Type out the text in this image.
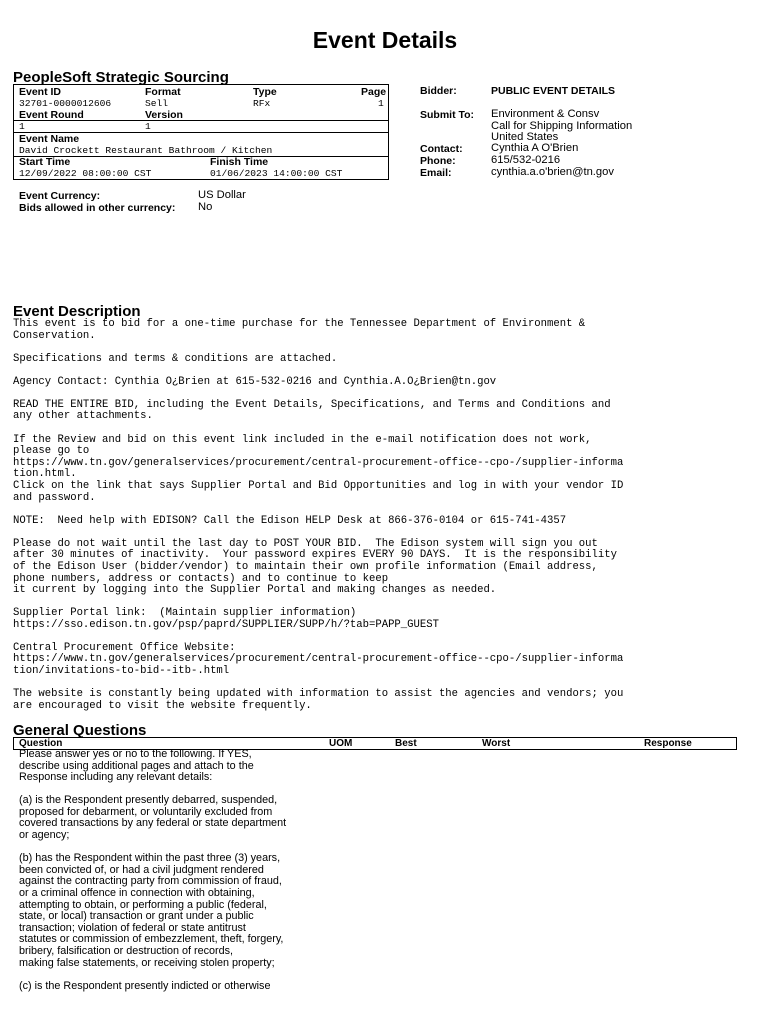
Event Details
PeopleSoft Strategic Sourcing
Event ID	Format	Type	Page
32701-0000012606	Sell	RFx	1
Event Round	Version
1	1
Event Name
David Crockett Restaurant Bathroom / Kitchen
Start Time	Finish Time
12/09/2022 08:00:00 CST	01/06/2023 14:00:00 CST
Event Currency:	US Dollar
Bids allowed in other currency: No
Bidder:	PUBLIC EVENT DETAILS
Submit To: Environment & Consv
Call for Shipping Information
United States
Contact:	Cynthia A O'Brien
Phone:	615/532-0216
Email:	cynthia.a.o'brien@tn.gov
Event Description

This event is to bid for a one-time purchase for the Tennessee Department of Environment &
Conservation.

Specifications and terms & conditions are attached.

Agency Contact: Cynthia O¿Brien at 615-532-0216 and Cynthia.A.O¿Brien@tn.gov

READ THE ENTIRE BID, including the Event Details, Specifications, and Terms and Conditions and
any other attachments.

If the Review and bid on this event link included in the e-mail notification does not work,
please go to
https://www.tn.gov/generalservices/procurement/central-procurement-office--cpo-/supplier-informa
tion.html.
Click on the link that says Supplier Portal and Bid Opportunities and log in with your vendor ID
and password.

NOTE:  Need help with EDISON? Call the Edison HELP Desk at 866-376-0104 or 615-741-4357

Please do not wait until the last day to POST YOUR BID.  The Edison system will sign you out
after 30 minutes of inactivity.  Your password expires EVERY 90 DAYS.  It is the responsibility
of the Edison User (bidder/vendor) to maintain their own profile information (Email address,
phone numbers, address or contacts) and to continue to keep
it current by logging into the Supplier Portal and making changes as needed.

Supplier Portal link:  (Maintain supplier information)
https://sso.edison.tn.gov/psp/paprd/SUPPLIER/SUPP/h/?tab=PAPP_GUEST

Central Procurement Office Website:
https://www.tn.gov/generalservices/procurement/central-procurement-office--cpo-/supplier-informa
tion/invitations-to-bid--itb-.html

The website is constantly being updated with information to assist the agencies and vendors; you
are encouraged to visit the website frequently.

General Questions
Question	UOM	Best	Worst	Response

Please answer yes or no to the following. If YES,
describe using additional pages and attach to the
Response including any relevant details:

(a) is the Respondent presently debarred, suspended,
proposed for debarment, or voluntarily excluded from
covered transactions by any federal or state department
or agency;

(b) has the Respondent within the past three (3) years,
been convicted of, or had a civil judgment rendered
against the contracting party from commission of fraud,
or a criminal offence in connection with obtaining,
attempting to obtain, or performing a public (federal,
state, or local) transaction or grant under a public
transaction; violation of federal or state antitrust
statutes or commission of embezzlement, theft, forgery,
bribery, falsification or destruction of records,
making false statements, or receiving stolen property;

(c) is the Respondent presently indicted or otherwise
